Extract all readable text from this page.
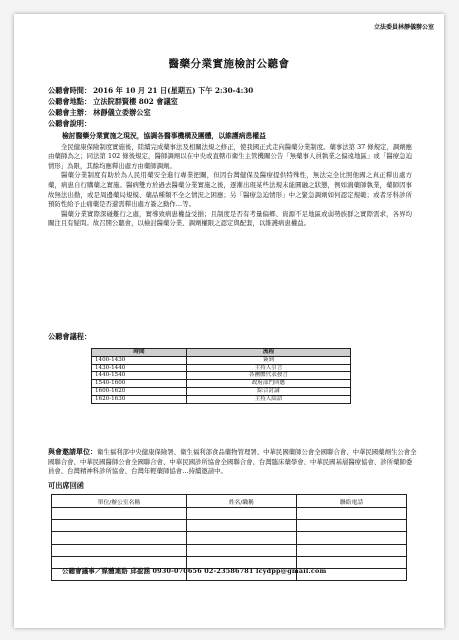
立法委員林靜儀辦公室
醫藥分業實施檢討公聽會
公聽會時間： 2016 年 10 月 21 日(星期五) 下午 2:30-4:30
公聽會地點： 立法院群賢樓 802 會議室
公聽會主辦： 林靜儀立委辦公室
公聽會說明：

檢討醫藥分業實施之現況，協調各醫事機構及團體，以維護病患權益

全民健康保險制度實施後，陸續完成藥事法及相關法規之修正，使我國正式走向醫藥分業制度。藥事法第 37 條規定，調劑應由藥師為之；同法第 102 條後規定，醫師調劑以在中央或直轄市衛生主管機關公告「無藥事人員執業之偏遠地區」或「醫療急迫情形」為限，其餘均應釋出處方由藥師調劑。

醫藥分業制度有助於為人民用藥安全進行專業把關，但因台灣健保及醫療提供特殊性，無法完全比照他國之真正釋出處方藥，病患自行購藥之實施。醫病雙方於過去醫藥分業實施之後，逐漸出現某些法規未能圓融之狀態，例如鴻藥師執業，藥師因事故無法出勤，或是周邊藥局規模、藥品種類不全之情況之困應；另「醫療急迫情形」中之緊急調劑如何認定規範；或者牙科診所預防性給予止痛藥是否還需釋出處方簽之動作…等。

醫藥分業實際深碰難行之處，實導致病患權益受損；且制度是否有考量偏鄉、資源不足地區或弱勢族群之實際需求，各界均關注且有疑問。故召開公聽會，以檢討醫藥分業、調劑權限之認定與配套，以維護病患權益。

公聽會議程：
時間	流程
1400-1430	簽到
1430-1440	主持人引言
1440-1540	各團體代表發言
1540-1600	政府部門回應
1600-1620	綜合討論
1620-1630	主持人結語
與會邀請單位：衛生福利部中央健康保險署、衛生福利部食品藥物管理署、中華民國藥師公會全國聯合會、中華民國藥劑生公會全國聯合會、中華民國醫師公會全國聯合會、中華民國診所協會全國聯合會、台灣臨床藥學會、中華民國基層醫療協會、診所藥師委員會、台灣精神科診所協會、台灣年輕藥師協會…持續邀請中。
可出席回函
單位/辦公室名稱	姓名/職稱	聯絡電話

公聽會議事／媒體連絡 邱盈涵 0930-070656 02-23586781 lcydpp@gmail.com
